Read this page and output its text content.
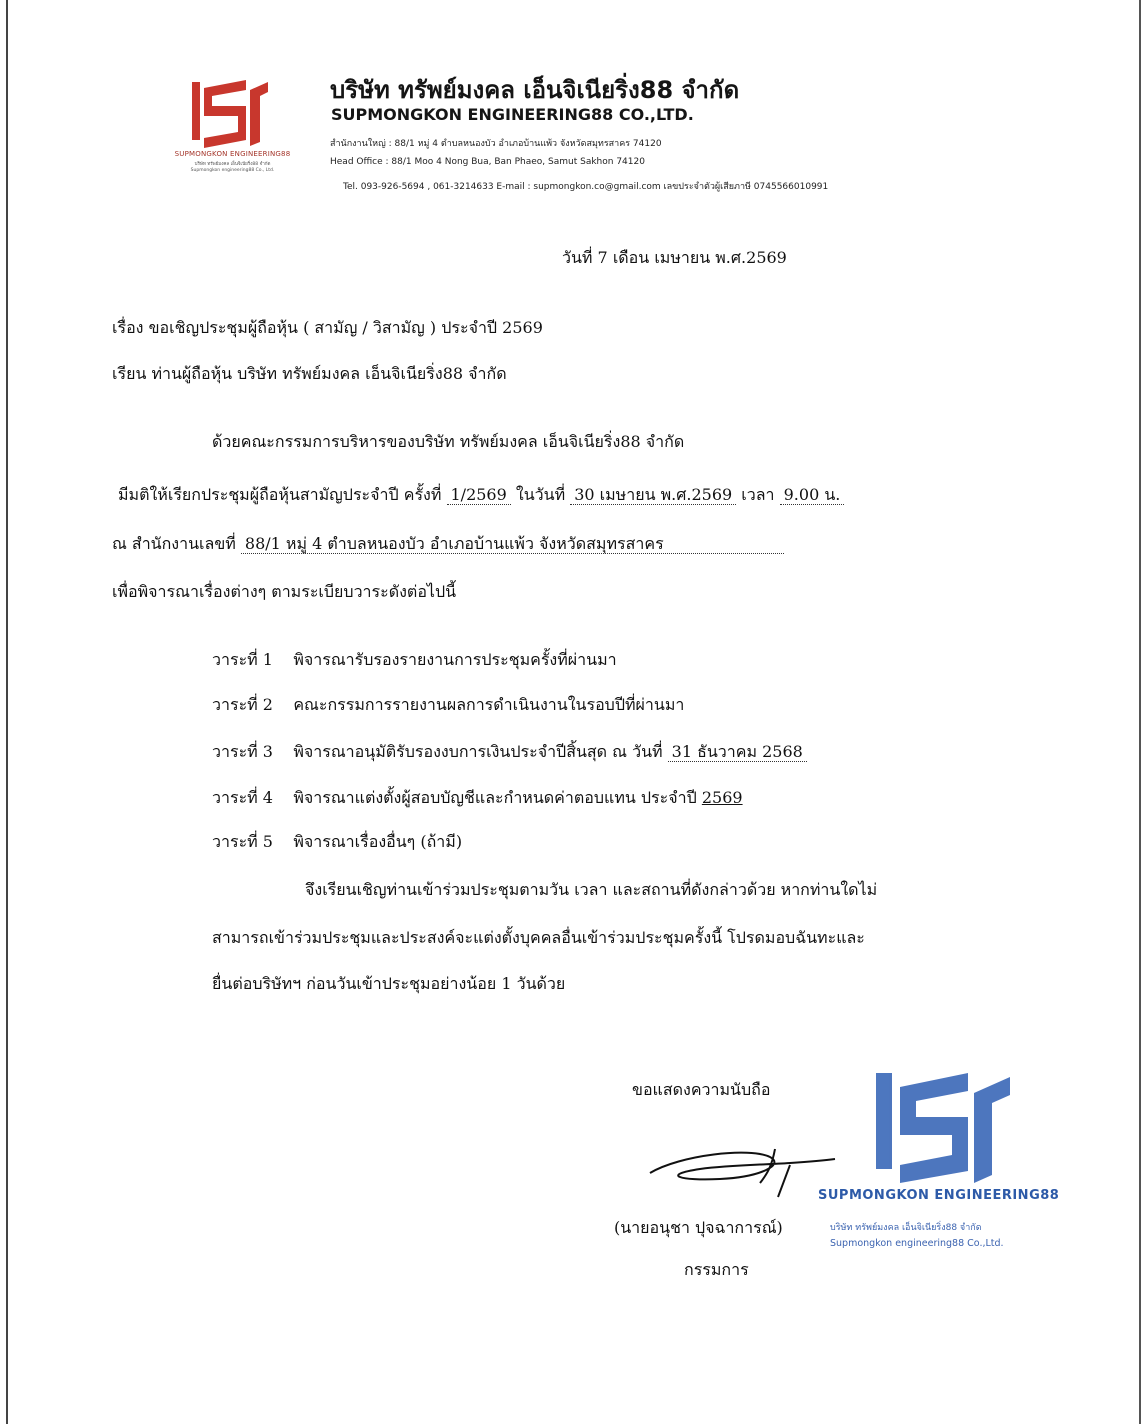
SUPMONGKON ENGINEERING88
บริษัท ทรัพย์มงคล เอ็นจิเนียริ่ง88 จำกัด
Supmongkon engineering88 Co., Ltd.
บริษัท ทรัพย์มงคล เอ็นจิเนียริ่ง88 จำกัด
SUPMONGKON ENGINEERING88 CO.,LTD.
สำนักงานใหญ่ : 88/1 หมู่ 4 ตำบลหนองบัว อำเภอบ้านแพ้ว จังหวัดสมุทรสาคร 74120
Head Office : 88/1 Moo 4 Nong Bua, Ban Phaeo, Samut Sakhon 74120
Tel. 093-926-5694 , 061-3214633 E-mail : supmongkon.co@gmail.com เลขประจำตัวผู้เสียภาษี 0745566010991
วันที่ 7 เดือน เมษายน พ.ศ.2569
เรื่อง ขอเชิญประชุมผู้ถือหุ้น ( สามัญ / วิสามัญ ) ประจำปี 2569
เรียน ท่านผู้ถือหุ้น บริษัท ทรัพย์มงคล เอ็นจิเนียริ่ง88 จำกัด
ด้วยคณะกรรมการบริหารของบริษัท ทรัพย์มงคล เอ็นจิเนียริ่ง88 จำกัด
มีมติให้เรียกประชุมผู้ถือหุ้นสามัญประจำปี ครั้งที่ 1/2569 ในวันที่ 30 เมษายน พ.ศ.2569 เวลา 9.00 น.
ณ สำนักงานเลขที่ 88/1 หมู่ 4 ตำบลหนองบัว อำเภอบ้านแพ้ว จังหวัดสมุทรสาคร
เพื่อพิจารณาเรื่องต่างๆ ตามระเบียบวาระดังต่อไปนี้
วาระที่ 1 พิจารณารับรองรายงานการประชุมครั้งที่ผ่านมา
วาระที่ 2 คณะกรรมการรายงานผลการดำเนินงานในรอบปีที่ผ่านมา
วาระที่ 3 พิจารณาอนุมัติรับรองงบการเงินประจำปีสิ้นสุด ณ วันที่ 31 ธันวาคม 2568
วาระที่ 4 พิจารณาแต่งตั้งผู้สอบบัญชีและกำหนดค่าตอบแทน ประจำปี 2569
วาระที่ 5 พิจารณาเรื่องอื่นๆ (ถ้ามี)
จึงเรียนเชิญท่านเข้าร่วมประชุมตามวัน เวลา และสถานที่ดังกล่าวด้วย หากท่านใดไม่
สามารถเข้าร่วมประชุมและประสงค์จะแต่งตั้งบุคคลอื่นเข้าร่วมประชุมครั้งนี้ โปรดมอบฉันทะและ
ยื่นต่อบริษัทฯ ก่อนวันเข้าประชุมอย่างน้อย 1 วันด้วย
ขอแสดงความนับถือ
(นายอนุชา ปุจฉาการณ์)
กรรมการ
SUPMONGKON ENGINEERING88
บริษัท ทรัพย์มงคล เอ็นจิเนียริ่ง88 จำกัด
Supmongkon engineering88 Co.,Ltd.
